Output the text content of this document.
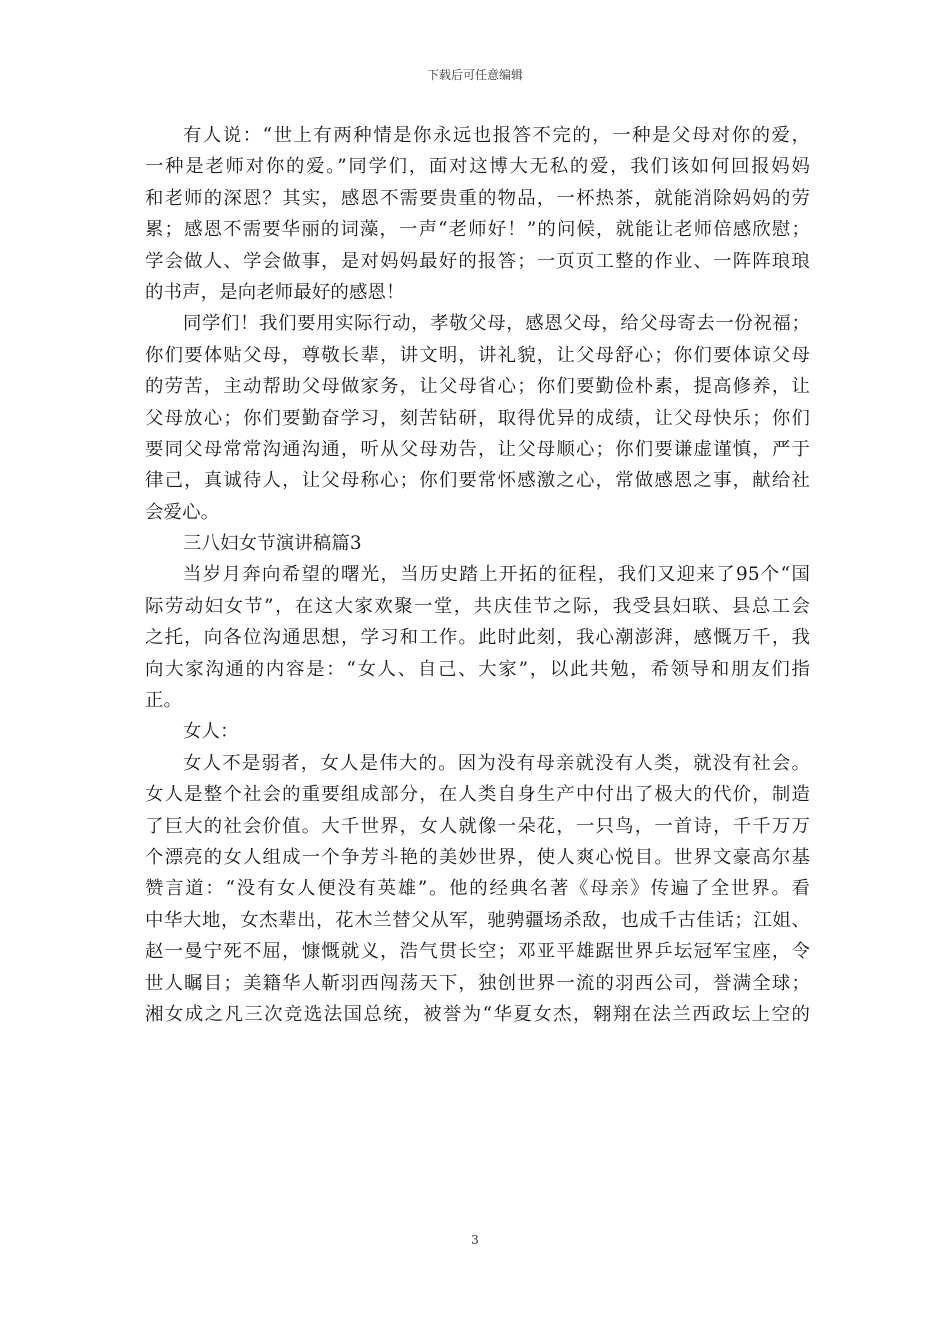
下载后可任意编辑
有人说：“世上有两种情是你永远也报答不完的，一种是父母对你的爱，
一种是老师对你的爱。”同学们，面对这博大无私的爱，我们该如何回报妈妈
和老师的深恩？其实，感恩不需要贵重的物品，一杯热茶，就能消除妈妈的劳
累；感恩不需要华丽的词藻，一声“老师好！”的问候，就能让老师倍感欣慰；
学会做人、学会做事，是对妈妈最好的报答；一页页工整的作业、一阵阵琅琅
的书声，是向老师最好的感恩！
同学们！我们要用实际行动，孝敬父母，感恩父母，给父母寄去一份祝福；
你们要体贴父母，尊敬长辈，讲文明，讲礼貌，让父母舒心；你们要体谅父母
的劳苦，主动帮助父母做家务，让父母省心；你们要勤俭朴素，提高修养，让
父母放心；你们要勤奋学习，刻苦钻研，取得优异的成绩，让父母快乐；你们
要同父母常常沟通沟通，听从父母劝告，让父母顺心；你们要谦虚谨慎，严于
律己，真诚待人，让父母称心；你们要常怀感激之心，常做感恩之事，献给社
会爱心。
三八妇女节演讲稿篇3
当岁月奔向希望的曙光，当历史踏上开拓的征程，我们又迎来了95个“国
际劳动妇女节”，在这大家欢聚一堂，共庆佳节之际，我受县妇联、县总工会
之托，向各位沟通思想，学习和工作。此时此刻，我心潮澎湃，感慨万千，我
向大家沟通的内容是：“女人、自己、大家”，以此共勉，希领导和朋友们指
正。
女人：
女人不是弱者，女人是伟大的。因为没有母亲就没有人类，就没有社会。
女人是整个社会的重要组成部分，在人类自身生产中付出了极大的代价，制造
了巨大的社会价值。大千世界，女人就像一朵花，一只鸟，一首诗，千千万万
个漂亮的女人组成一个争芳斗艳的美妙世界，使人爽心悦目。世界文豪高尔基
赞言道：“没有女人便没有英雄”。他的经典名著《母亲》传遍了全世界。看
中华大地，女杰辈出，花木兰替父从军，驰骋疆场杀敌，也成千古佳话；江姐、
赵一曼宁死不屈，慷慨就义，浩气贯长空；邓亚平雄踞世界乒坛冠军宝座，令
世人瞩目；美籍华人靳羽西闯荡天下，独创世界一流的羽西公司，誉满全球；
湘女成之凡三次竞选法国总统，被誉为“华夏女杰，翱翔在法兰西政坛上空的
3
